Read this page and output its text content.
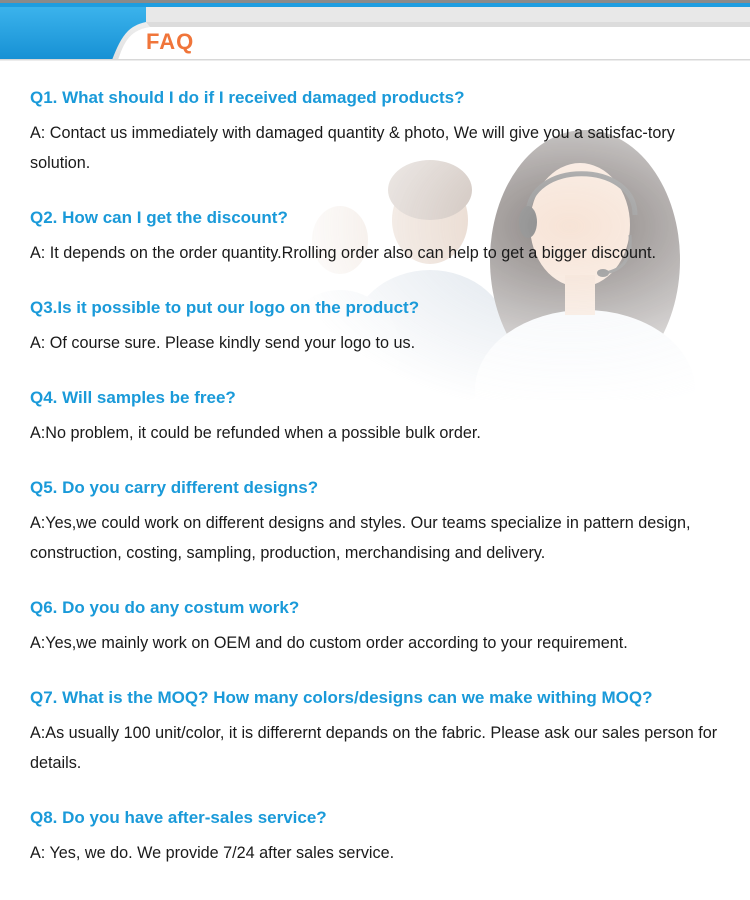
FAQ
Q1. What should I do if I received damaged products?
A: Contact us immediately with damaged quantity & photo, We will give you a satisfac-tory solution.
Q2. How can I get the discount?
A: It depends on the order quantity.Rrolling order also can help to get a bigger discount.
Q3.Is it possible to put our logo on the product?
A: Of course sure. Please kindly send your logo to us.
Q4. Will samples be free?
A:No problem, it could be refunded when a possible bulk order.
Q5. Do you carry different designs?
A:Yes,we could work on different designs and styles. Our teams specialize in pattern design, construction, costing, sampling, production, merchandising and delivery.
Q6. Do you do any costum work?
A:Yes,we mainly work on OEM and do custom order according to your requirement.
Q7. What is the MOQ? How many colors/designs can we make withing MOQ?
A:As usually 100 unit/color, it is differernt depands on the fabric. Please ask our sales person for details.
Q8. Do you have after-sales service?
A: Yes, we do. We provide 7/24 after sales service.
